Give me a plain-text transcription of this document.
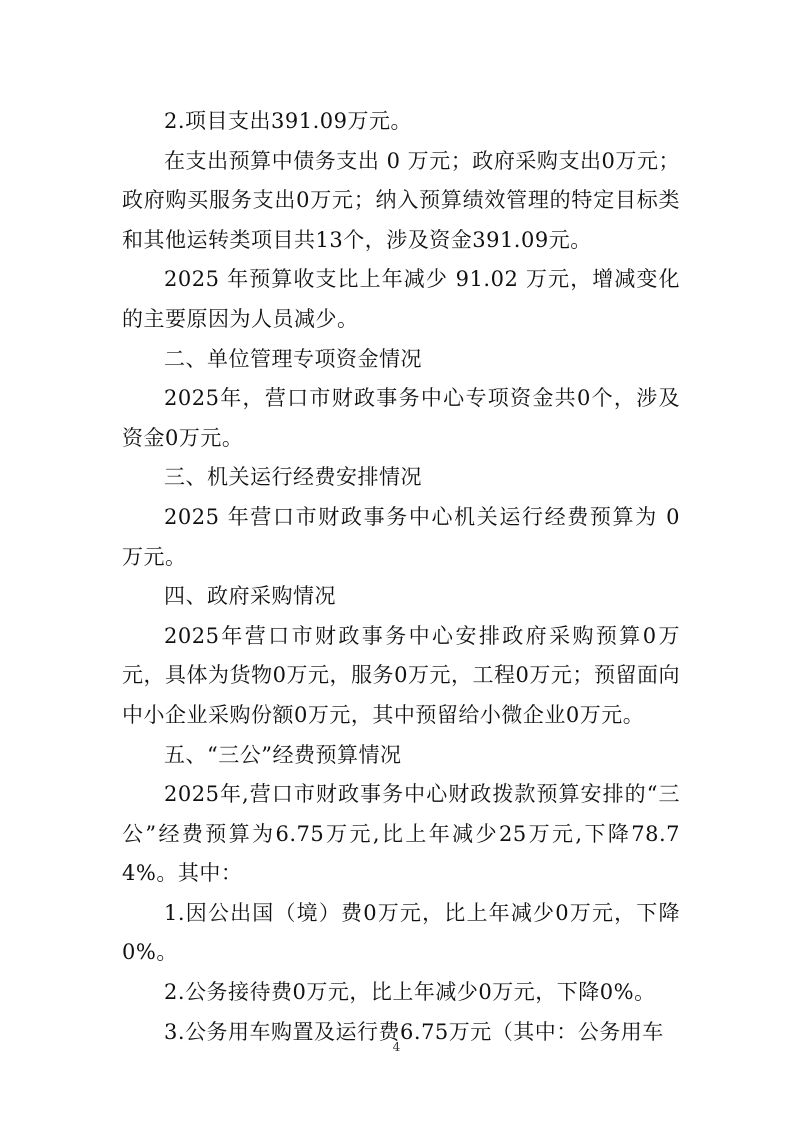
2.项目支出391.09万元。

在支出预算中债务支出 0 万元；政府采购支出0万元；政府购买服务支出0万元；纳入预算绩效管理的特定目标类和其他运转类项目共13个，涉及资金391.09元。

2025 年预算收支比上年减少 91.02 万元，增减变化的主要原因为人员减少。

二、单位管理专项资金情况

2025年，营口市财政事务中心专项资金共0个，涉及资金0万元。

三、机关运行经费安排情况

2025 年营口市财政事务中心机关运行经费预算为 0 万元。

四、政府采购情况

2025年营口市财政事务中心安排政府采购预算0万元，具体为货物0万元，服务0万元，工程0万元；预留面向中小企业采购份额0万元，其中预留给小微企业0万元。

五、“三公”经费预算情况

2025年,营口市财政事务中心财政拨款预算安排的“三公”经费预算为6.75万元,比上年减少25万元,下降78.74%。其中：

1.因公出国（境）费0万元，比上年减少0万元，下降0%。

2.公务接待费0万元，比上年减少0万元，下降0%。

3.公务用车购置及运行费6.75万元（其中：公务用车

4
